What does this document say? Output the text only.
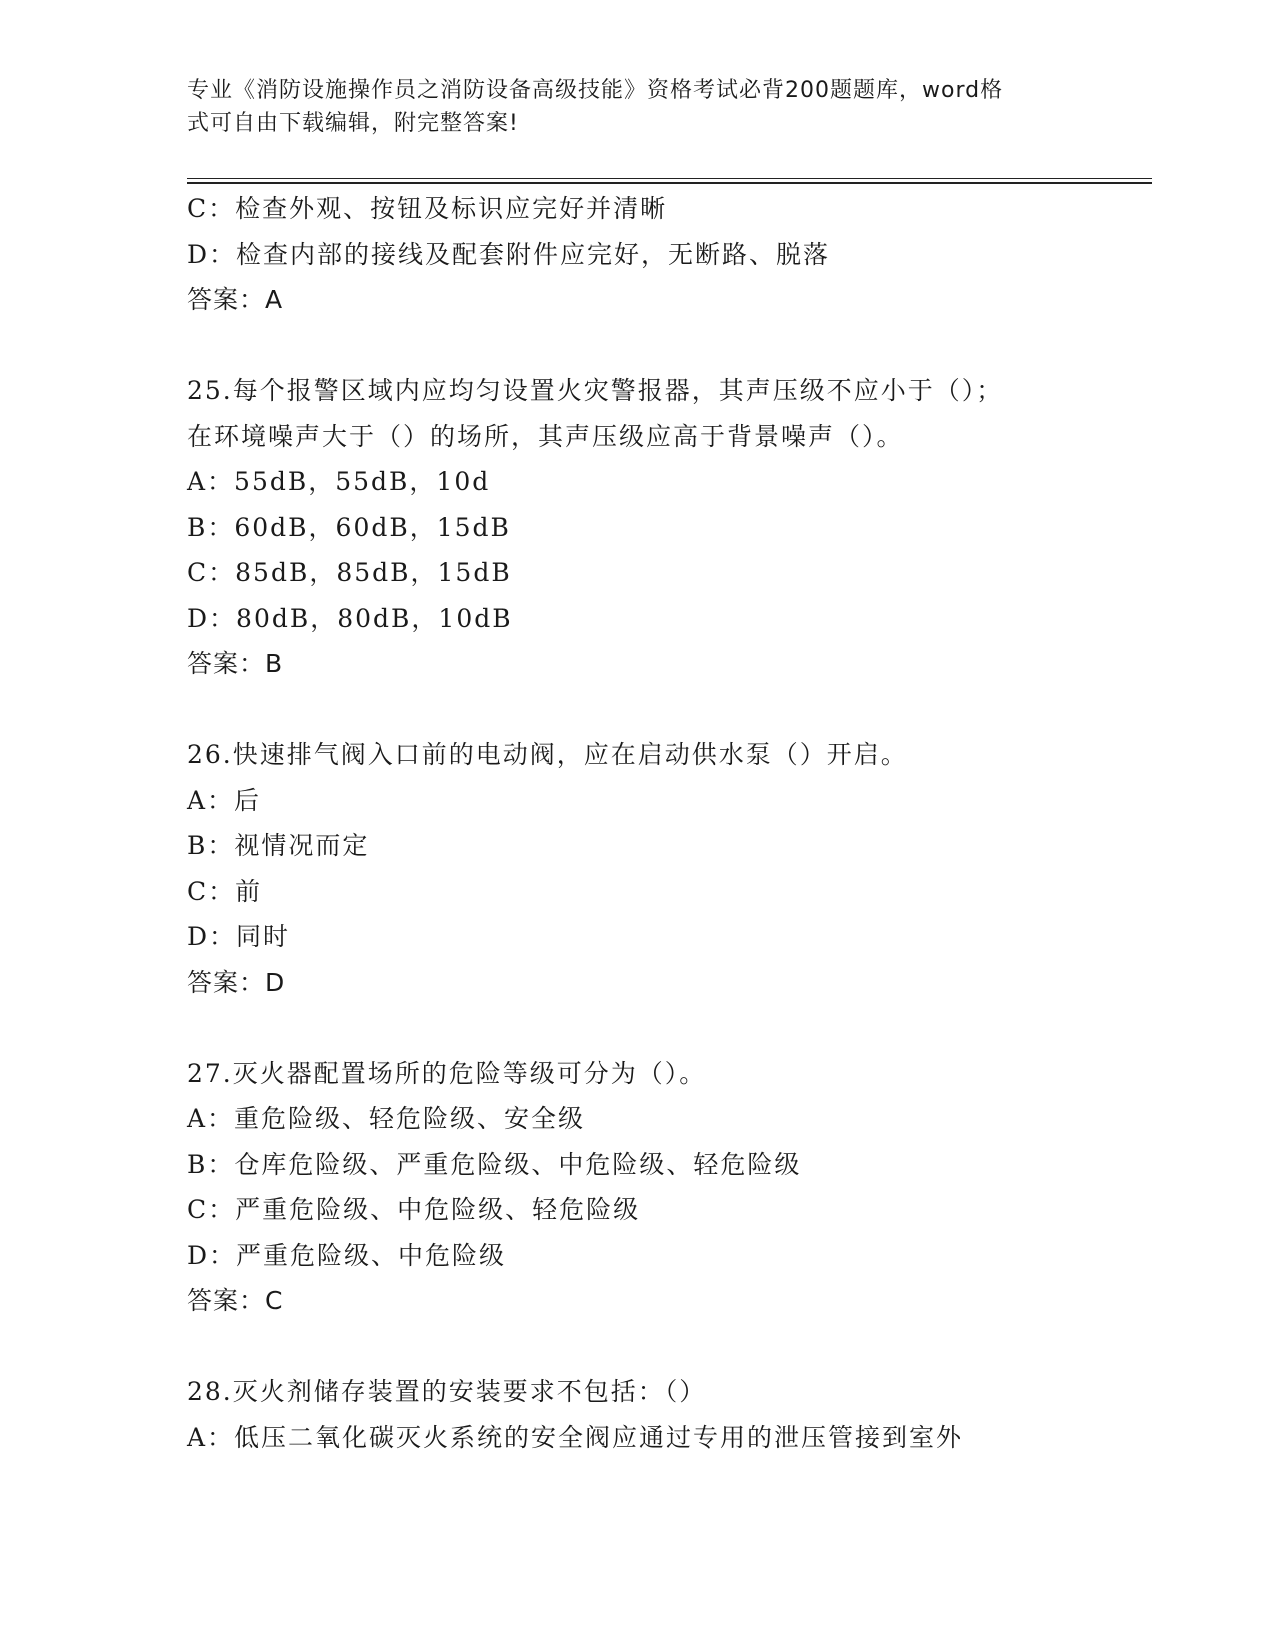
专业《消防设施操作员之消防设备高级技能》资格考试必背200题题库，word格
式可自由下载编辑，附完整答案!
C：检查外观、按钮及标识应完好并清晰
D：检查内部的接线及配套附件应完好，无断路、脱落
答案：A
25.每个报警区域内应均匀设置火灾警报器，其声压级不应小于（）；
在环境噪声大于（）的场所，其声压级应高于背景噪声（）。
A：55dB，55dB，10d
B：60dB，60dB，15dB
C：85dB，85dB，15dB
D：80dB，80dB，10dB
答案：B
26.快速排气阀入口前的电动阀，应在启动供水泵（）开启。
A：后
B：视情况而定
C：前
D：同时
答案：D
27.灭火器配置场所的危险等级可分为（）。
A：重危险级、轻危险级、安全级
B：仓库危险级、严重危险级、中危险级、轻危险级
C：严重危险级、中危险级、轻危险级
D：严重危险级、中危险级
答案：C
28.灭火剂储存装置的安装要求不包括：（）
A：低压二氧化碳灭火系统的安全阀应通过专用的泄压管接到室外
